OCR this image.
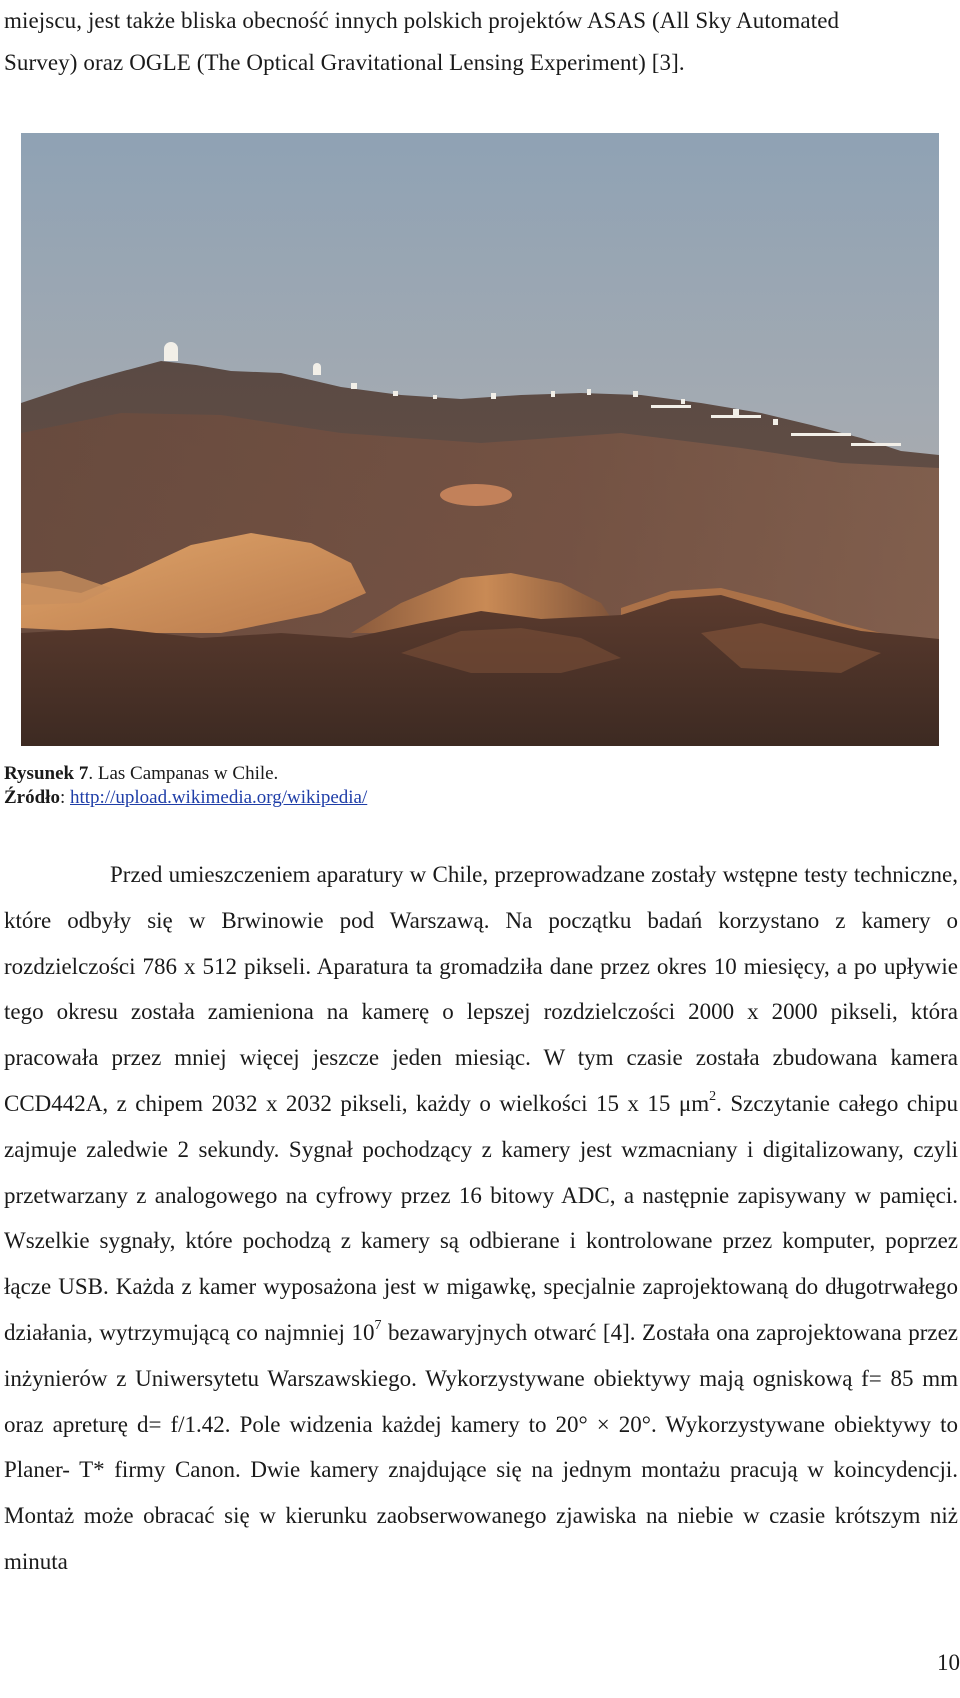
miejscu, jest także bliska obecność innych polskich projektów ASAS (All Sky Automated
Survey) oraz OGLE (The Optical Gravitational Lensing Experiment) [3].

Rysunek 7. Las Campanas w Chile.
Źródło: http://upload.wikimedia.org/wikipedia/

Przed umieszczeniem aparatury w Chile, przeprowadzane zostały wstępne testy techniczne, które odbyły się w Brwinowie pod Warszawą. Na początku badań korzystano z kamery o rozdzielczości 786 x 512 pikseli. Aparatura ta gromadziła dane przez okres 10 miesięcy, a po upływie tego okresu została zamieniona na kamerę o lepszej rozdzielczości 2000 x 2000 pikseli, która pracowała przez mniej więcej jeszcze jeden miesiąc. W tym czasie została zbudowana kamera CCD442A, z chipem 2032 x 2032 pikseli, każdy o wielkości 15 x 15 $\mu m^2$. Szczytanie całego chipu zajmuje zaledwie 2 sekundy. Sygnał pochodzący z kamery jest wzmacniany i digitalizowany, czyli przetwarzany z analogowego na cyfrowy przez 16 bitowy ADC, a następnie zapisywany w pamięci. Wszelkie sygnały, które pochodzą z kamery są odbierane i kontrolowane przez komputer, poprzez łącze USB. Każda z kamer wyposażona jest w migawkę, specjalnie zaprojektowaną do długotrwałego działania, wytrzymującą co najmniej $10^7$ bezawaryjnych otwarć [4]. Została ona zaprojektowana przez inżynierów z Uniwersytetu Warszawskiego. Wykorzystywane obiektywy mają ogniskową f= 85 mm oraz apreturę d= f/1.42. Pole widzenia każdej kamery to 20° × 20°. Wykorzystywane obiektywy to Planer- T* firmy Canon. Dwie kamery znajdujące się na jednym montażu pracują w koincydencji. Montaż może obracać się w kierunku zaobserwowanego zjawiska na niebie w czasie krótszym niż minuta

10
